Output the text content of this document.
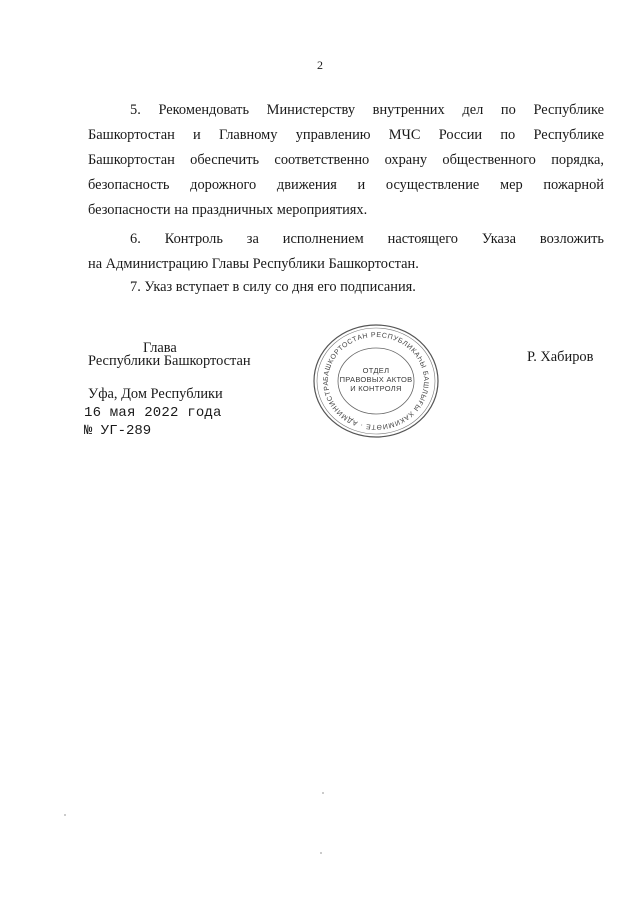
2
5. Рекомендовать Министерству внутренних дел по Республике
Башкортостан и Главному управлению МЧС России по Республике
Башкортостан обеспечить соответственно охрану общественного порядка,
безопасность дорожного движения и осуществление мер пожарной
безопасности на праздничных мероприятиях.
6. Контроль за исполнением настоящего Указа возложить
на Администрацию Главы Республики Башкортостан.
7. Указ вступает в силу со дня его подписания.
Глава
Республики Башкортостан	Р. Хабиров
БАШКОРТОСТАН РЕСПУБЛИКАҺЫ БАШЛЫҒЫ ХАКИМИӘТЕ · АДМИНИСТРА
ОТДЕЛ
ПРАВОВЫХ АКТОВ
И КОНТРОЛЯ
Уфа, Дом Республики
16 мая 2022 года
№ УГ-289
